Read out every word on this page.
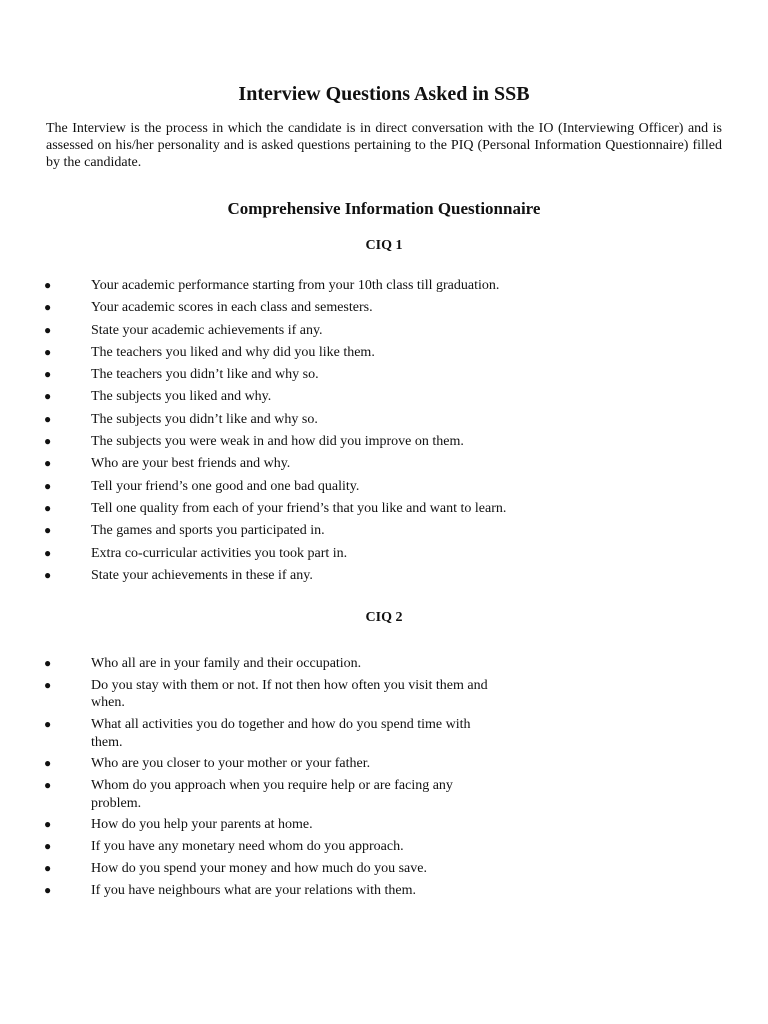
Interview Questions Asked in SSB
The Interview is the process in which the candidate is in direct conversation with the IO (Interviewing Officer) and is assessed on his/her personality and is asked questions pertaining to the PIQ (Personal Information Questionnaire) filled by the candidate.
Comprehensive Information Questionnaire
CIQ 1
●	Your academic performance starting from your 10th class till graduation.
●	Your academic scores in each class and semesters.
●	State your academic achievements if any.
●	The teachers you liked and why did you like them.
●	The teachers you didn’t like and why so.
●	The subjects you liked and why.
●	The subjects you didn’t like and why so.
●	The subjects you were weak in and how did you improve on them.
●	Who are your best friends and why.
●	Tell your friend’s one good and one bad quality.
●	Tell one quality from each of your friend’s that you like and want to learn.
●	The games and sports you participated in.
●	Extra co-curricular activities you took part in.
●	State your achievements in these if any.
CIQ 2
●	Who all are in your family and their occupation.
●	Do you stay with them or not. If not then how often you visit them and when.
●	What all activities you do together and how do you spend time with them.
●	Who are you closer to your mother or your father.
●	Whom do you approach when you require help or are facing any problem.
●	How do you help your parents at home.
●	If you have any monetary need whom do you approach.
●	How do you spend your money and how much do you save.
●	If you have neighbours what are your relations with them.
